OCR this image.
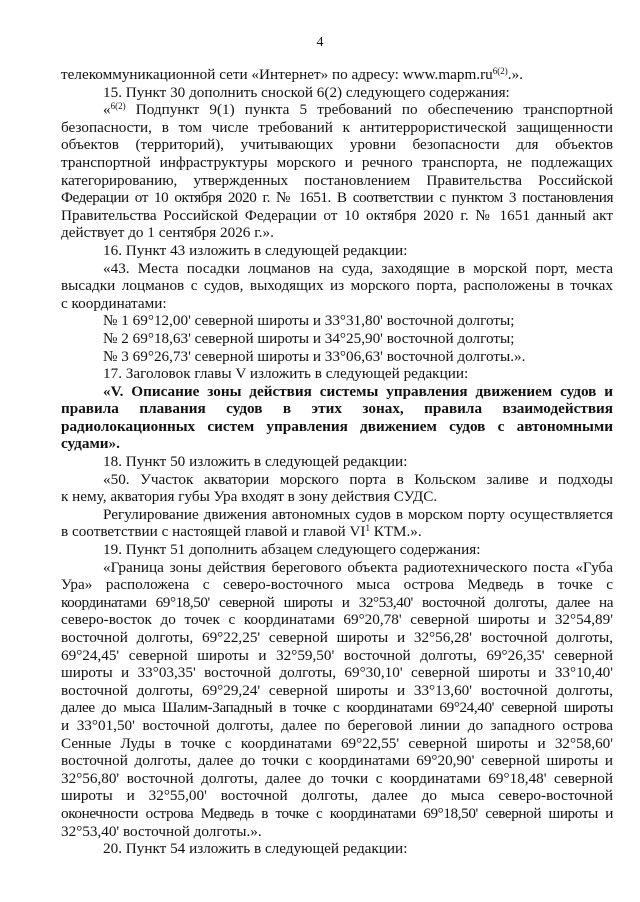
4
телекоммуникационной сети «Интернет» по адресу: $www.mapm.ru^{6(2)}$.».
15. Пункт 30 дополнить сноской 6(2) следующего содержания:
«$^{6(2)}$ Подпункт 9(1) пункта 5 требований по обеспечению транспортной
безопасности, в том числе требований к антитеррористической защищенности
объектов (территорий), учитывающих уровни безопасности для объектов
транспортной инфраструктуры морского и речного транспорта, не подлежащих
категорированию, утвержденных постановлением Правительства Российской
Федерации от 10 октября 2020 г. № 1651. В соответствии с пунктом 3 постановления
Правительства Российской Федерации от 10 октября 2020 г. № 1651 данный акт
действует до 1 сентября 2026 г.».
16. Пункт 43 изложить в следующей редакции:
«43. Места посадки лоцманов на суда, заходящие в морской порт, места
высадки лоцманов с судов, выходящих из морского порта, расположены в точках
с координатами:
№ 1 69°12,00' северной широты и 33°31,80' восточной долготы;
№ 2 69°18,63' северной широты и 34°25,90' восточной долготы;
№ 3 69°26,73' северной широты и 33°06,63' восточной долготы.».
17. Заголовок главы V изложить в следующей редакции:
«V. Описание зоны действия системы управления движением судов и
правила плавания судов в этих зонах, правила взаимодействия
радиолокационных систем управления движением судов с автономными
судами».
18. Пункт 50 изложить в следующей редакции:
«50. Участок акватории морского порта в Кольском заливе и подходы
к нему, акватория губы Ура входят в зону действия СУДС.
Регулирование движения автономных судов в морском порту осуществляется
в соответствии с настоящей главой и главой $VI^1$ КТМ.».
19. Пункт 51 дополнить абзацем следующего содержания:
«Граница зоны действия берегового объекта радиотехнического поста «Губа
Ура» расположена с северо-восточного мыса острова Медведь в точке с
координатами 69°18,50' северной широты и 32°53,40' восточной долготы, далее на
северо-восток до точек с координатами 69°20,78' северной широты и 32°54,89'
восточной долготы, 69°22,25' северной широты и 32°56,28' восточной долготы,
69°24,45' северной широты и 32°59,50' восточной долготы, 69°26,35' северной
широты и 33°03,35' восточной долготы, 69°30,10' северной широты и 33°10,40'
восточной долготы, 69°29,24' северной широты и 33°13,60' восточной долготы,
далее до мыса Шалим-Западный в точке с координатами 69°24,40' северной широты
и 33°01,50' восточной долготы, далее по береговой линии до западного острова
Сенные Луды в точке с координатами 69°22,55' северной широты и 32°58,60'
восточной долготы, далее до точки с координатами 69°20,90' северной широты и
32°56,80' восточной долготы, далее до точки с координатами 69°18,48' северной
широты и 32°55,00' восточной долготы, далее до мыса северо-восточной
оконечности острова Медведь в точке с координатами 69°18,50' северной широты и
32°53,40' восточной долготы.».
20. Пункт 54 изложить в следующей редакции:
